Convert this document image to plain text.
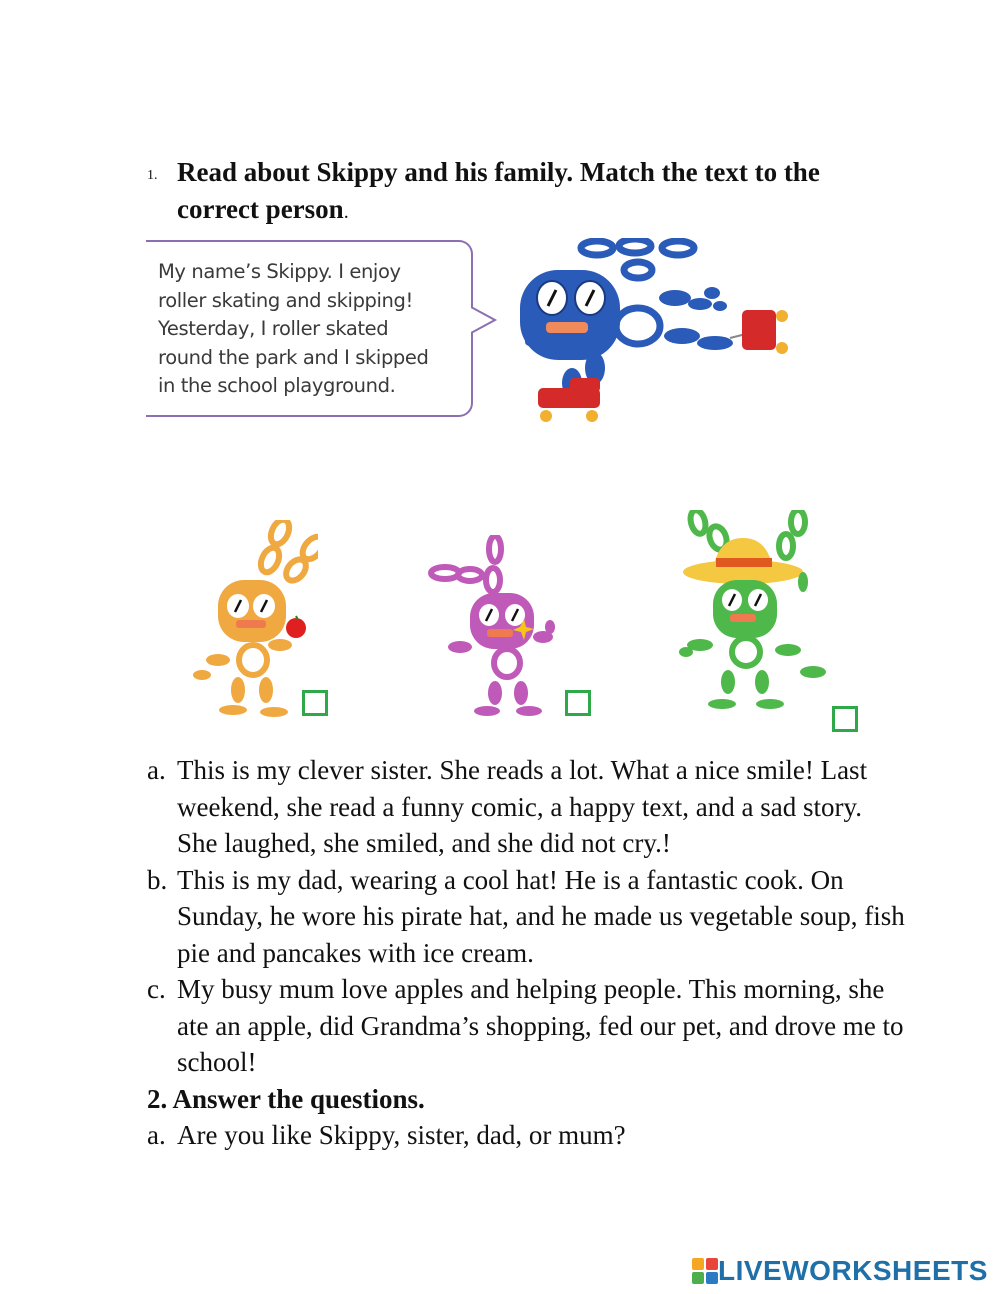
1. Read about Skippy and his family. Match the text to the correct person.
My name’s Skippy. I enjoy
roller skating and skipping!
Yesterday, I roller skated
round the park and I skipped
in the school playground.
a. This is my clever sister. She reads a lot. What a nice smile! Last weekend, she read a funny comic, a happy text, and a sad story. She laughed, she smiled, and she did not cry.!
b. This is my dad, wearing a cool hat! He is a fantastic cook. On Sunday, he wore his pirate hat, and he made us vegetable soup, fish pie and pancakes with ice cream.
c. My busy mum love apples and helping people. This morning, she ate an apple, did Grandma’s shopping, fed our pet, and drove me to school!
2. Answer the questions.
a. Are you like Skippy, sister, dad, or mum?
LIVEWORKSHEETS
